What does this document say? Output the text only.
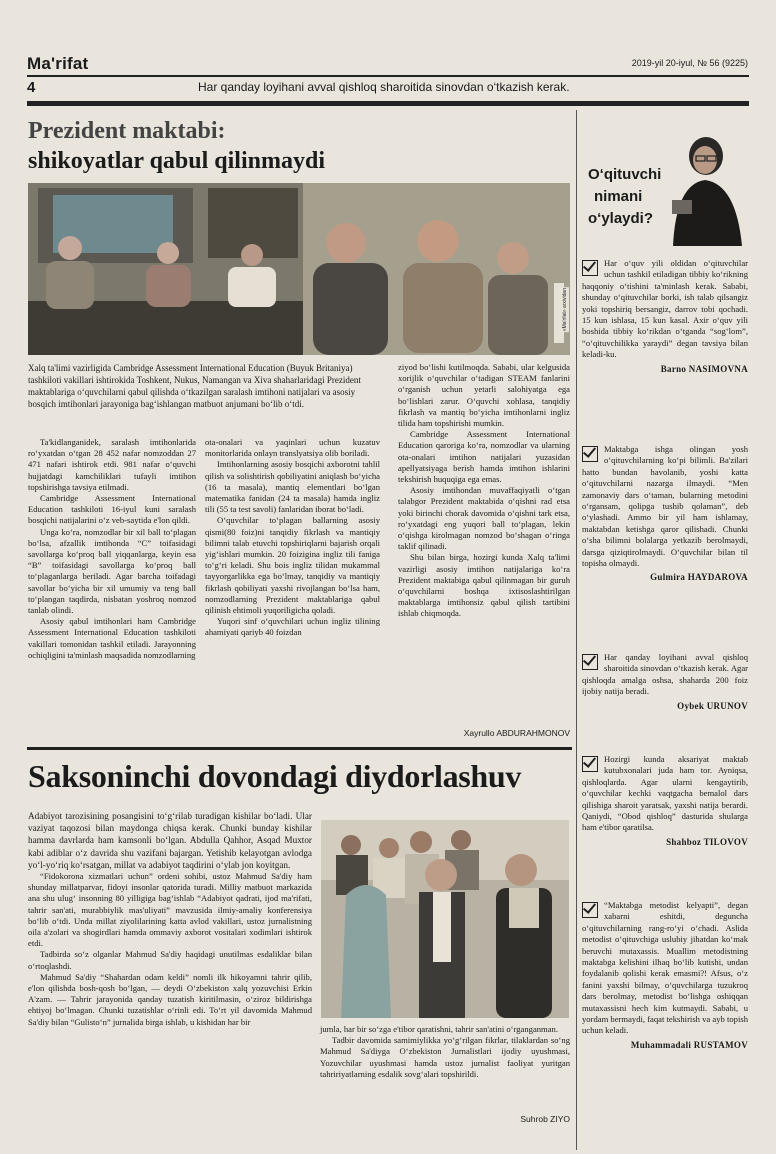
Ma'rifat	2019-yil 20-iyul, № 56 (9225)
4	Har qanday loyihani avval qishloq sharoitida sinovdan o‘tkazish kerak.
Prezident maktabi:
shikoyatlar qabul qilinmaydi
«Ma'rifat» arxividan
Xalq ta'limi vazirligida Cambridge Assessment International Education (Buyuk Britaniya) tashkiloti vakillari ishtirokida Toshkent, Nukus, Namangan va Xiva shaharlaridagi Prezident maktablariga o‘quvchilarni qabul qilishda o‘tkazilgan saralash imtihoni natijalari va asosiy bosqich imtihonlari jarayoniga bag‘ishlangan matbuot anjumani bo‘lib o‘tdi.

Ta'kidlanganidek, saralash imtihonlarida ro‘yxatdan o‘tgan 28 452 nafar nomzoddan 27 471 nafari ishtirok etdi. 981 nafar o‘quvchi hujjatdagi kamchiliklari tufayli imtihon topshirishga tavsiya etilmadi.

Cambridge Assessment International Education tashkiloti 16-iyul kuni saralash bosqichi natijalarini o‘z veb-saytida e'lon qildi.

Unga ko‘ra, nomzodlar bir xil ball to‘plagan bo‘lsa, afzallik imtihonda “C” toifasidagi savollarga ko‘proq ball yiqqanlarga, keyin esa “B” toifasidagi savollarga ko‘proq ball to‘plaganlarga beriladi. Agar barcha toifadagi savollar bo‘yicha bir xil umumiy va teng ball to‘plangan taqdirda, nisbatan yoshroq nomzod tanlab olindi.

Asosiy qabul imtihonlari ham Cambridge Assessment International Education tashkiloti vakillari tomonidan tashkil etiladi. Jarayonning ochiqligini ta'minlash maqsadida nomzodlarning

ota-onalari va yaqinlari uchun kuzatuv monitorlarida onlayn translyatsiya olib boriladi.

Imtihonlarning asosiy bosqichi axborotni tahlil qilish va solishtirish qobiliyatini aniqlash bo‘yicha (16 ta masala), mantiq elementlari bo‘lgan matematika fanidan (24 ta masala) hamda ingliz tili (55 ta test savoli) fanlaridan iborat bo‘ladi.

O‘quvchilar to‘plagan ballarning asosiy qismi(80 foiz)ni tanqidiy fikrlash va mantiqiy bilimni talab etuvchi topshiriqlarni bajarish orqali yig‘ishlari mumkin. 20 foizigina ingliz tili faniga to‘g‘ri keladi. Shu bois ingliz tilidan mukammal tayyorgarlikka ega bo‘lmay, tanqidiy va mantiqiy fikrlash qobiliyati yaxshi rivojlangan bo‘lsa ham, nomzodlarning Prezident maktablariga qabul qilinish ehtimoli yuqoriligicha qoladi.

Yuqori sinf o‘quvchilari uchun ingliz tilining ahamiyati qariyb 40 foizdan

ziyod bo‘lishi kutilmoqda. Sababi, ular kelgusida xorijlik o‘quvchilar o‘tadigan STEAM fanlarini o‘rganish uchun yetarli salohiyatga ega bo‘lishlari zarur. O‘quvchi xohlasa, tanqidiy fikrlash va mantiq bo‘yicha imtihonlarni ingliz tilida ham topshirishi mumkin.

Cambridge Assessment International Education qaroriga ko‘ra, nomzodlar va ularning ota-onalari imtihon natijalari yuzasidan apellyatsiyaga berish hamda imtihon ishlarini tekshirish huquqiga ega emas.

Asosiy imtihondan muvaffaqiyatli o‘tgan talabgor Prezident maktabida o‘qishni rad etsa yoki birinchi chorak davomida o‘qishni tark etsa, ro‘yxatdagi eng yuqori ball to‘plagan, lekin o‘qishga kirolmagan nomzod bo‘shagan o‘ringa taklif qilinadi.

Shu bilan birga, hozirgi kunda Xalq ta'limi vazirligi asosiy imtihon natijalariga ko‘ra Prezident maktabiga qabul qilinmagan bir guruh o‘quvchilarni boshqa ixtisoslashtirilgan maktablarga imtihonsiz qabul qilish tartibini ishlab chiqmoqda.

Xayrullo ABDURAHMONOV
Saksoninchi dovondagi diydorlashuv

Adabiyot tarozisining posangisini to‘g‘rilab turadigan kishilar bo‘ladi. Ular vaziyat taqozosi bilan maydonga chiqsa kerak. Chunki bunday kishilar hamma davrlarda ham kamsonli bo‘lgan. Abdulla Qahhor, Asqad Muxtor kabi adiblar o‘z davrida shu vazifani bajargan. Yetishib kelayotgan avlodga yo‘l-yo‘riq ko‘rsatgan, millat va adabiyot taqdirini o‘ylab jon koyitgan.

“Fidokorona xizmatlari uchun” ordeni sohibi, ustoz Mahmud Sa'diy ham shunday millatparvar, fidoyi insonlar qatorida turadi. Milliy matbuot markazida ana shu ulug‘ insonning 80 yilligiga bag‘ishlab “Adabiyot qadrati, ijod ma'rifati, tahrir san'ati, murabbiylik mas'uliyati” mavzusida ilmiy-amaliy konferensiya bo‘lib o‘tdi. Unda millat ziyolilarining katta avlod vakillari, ustoz jurnalistning oila a'zolari va shogirdlari hamda ommaviy axborot vositalari xodimlari ishtirok etdi.

Tadbirda so‘z olganlar Mahmud Sa'diy haqidagi unutilmas esdaliklar bilan o‘rtoqlashdi.

Mahmud Sa'diy “Shahardan odam keldi” nomli ilk hikoyamni tahrir qilib, e'lon qilishda bosh-qosh bo‘lgan, — deydi O‘zbekiston xalq yozuvchisi Erkin A'zam. — Tahrir jarayonida qanday tuzatish kiritilmasin, o‘ziroz bildirishga ehtiyoj bo‘lmagan. Chunki tuzatishlar o‘rinli edi. To‘rt yil davomida Mahmud Sa'diy bilan “Gulisto‘n” jurnalida birga ishlab, u kishidan har bir

jumla, har bir so‘zga e'tibor qaratishni, tahrir san'atini o‘rganganman.

Tadbir davomida samimiylikka yo‘g‘rilgan fikrlar, tilaklardan so‘ng Mahmud Sa'diyga O‘zbekiston Jurnalistlari ijodiy uyushmasi, Yozuvchilar uyushmasi hamda ustoz jurnalist faoliyat yuritgan tahririyatlarning esdalik sovg‘alari topshirildi.

Suhrob ZIYO
O‘qituvchi
nimani
o‘ylaydi?
Har o‘quv yili oldidan o‘qituvchilar uchun tashkil etiladigan tibbiy ko‘rikning haqqoniy o‘tishini ta'minlash kerak. Sababi, shunday o‘qituvchilar borki, ish talab qilsangiz yoki topshiriq bersangiz, darrov tobi qochadi. 15 kun ishlasa, 15 kun kasal. Axir o‘quv yili boshida tibbiy ko‘rikdan o‘tganda “sog‘lom”, “o‘qituvchilikka yaraydi” degan tavsiya bilan keladi-ku.
Barno NASIMOVNA
Maktabga ishga olingan yosh o‘qituvchilarning ko‘pi bilimli. Ba'zilari hatto bundan havolanib, yoshi katta o‘qituvchilarni nazarga ilmaydi. “Men zamonaviy dars o‘taman, bularning metodini o‘rgansam, qolipga tushib qolaman”, deb o‘ylashadi. Ammo bir yil ham ishlamay, maktabdan ketishga qaror qilishadi. Chunki o‘sha bilimni bolalarga yetkazib berolmaydi, darsga qiziqtirolmaydi. O‘quvchilar bilan til topisha olmaydi.
Gulmira HAYDAROVA
Har qanday loyihani avval qishloq sharoitida sinovdan o‘tkazish kerak. Agar qishloqda amalga oshsa, shaharda 200 foiz ijobiy natija beradi.
Oybek URUNOV
Hozirgi kunda aksariyat maktab kutubxonalari juda ham tor. Ayniqsa, qishloqlarda. Agar ularni kengaytirib, o‘quvchilar kechki vaqtgacha bemalol dars qilishiga sharoit yaratsak, yaxshi natija berardi. Qaniydi, “Obod qishloq” dasturida shularga ham e'tibor qaratilsa.
Shahboz TILOVOV
“Maktabga metodist kelyapti”, degan xabarni eshitdi, deguncha o‘qituvchilarning rang-ro‘yi o‘chadi. Aslida metodist o‘qituvchiga uslubiy jihatdan ko‘mak beruvchi mutaxassis. Muallim metodistning maktabga kelishini ilhaq bo‘lib kutishi, undan foydalanib qolishi kerak emasmi?! Afsus, o‘z fanini yaxshi bilmay, o‘quvchilarga tuzukroq dars berolmay, metodist bo‘lishga oshiqqan mutaxassisni hech kim kutmaydi. Sababi, u yordam bermaydi, faqat tekshirish va ayb topish uchun keladi.
Muhammadali RUSTAMOV
